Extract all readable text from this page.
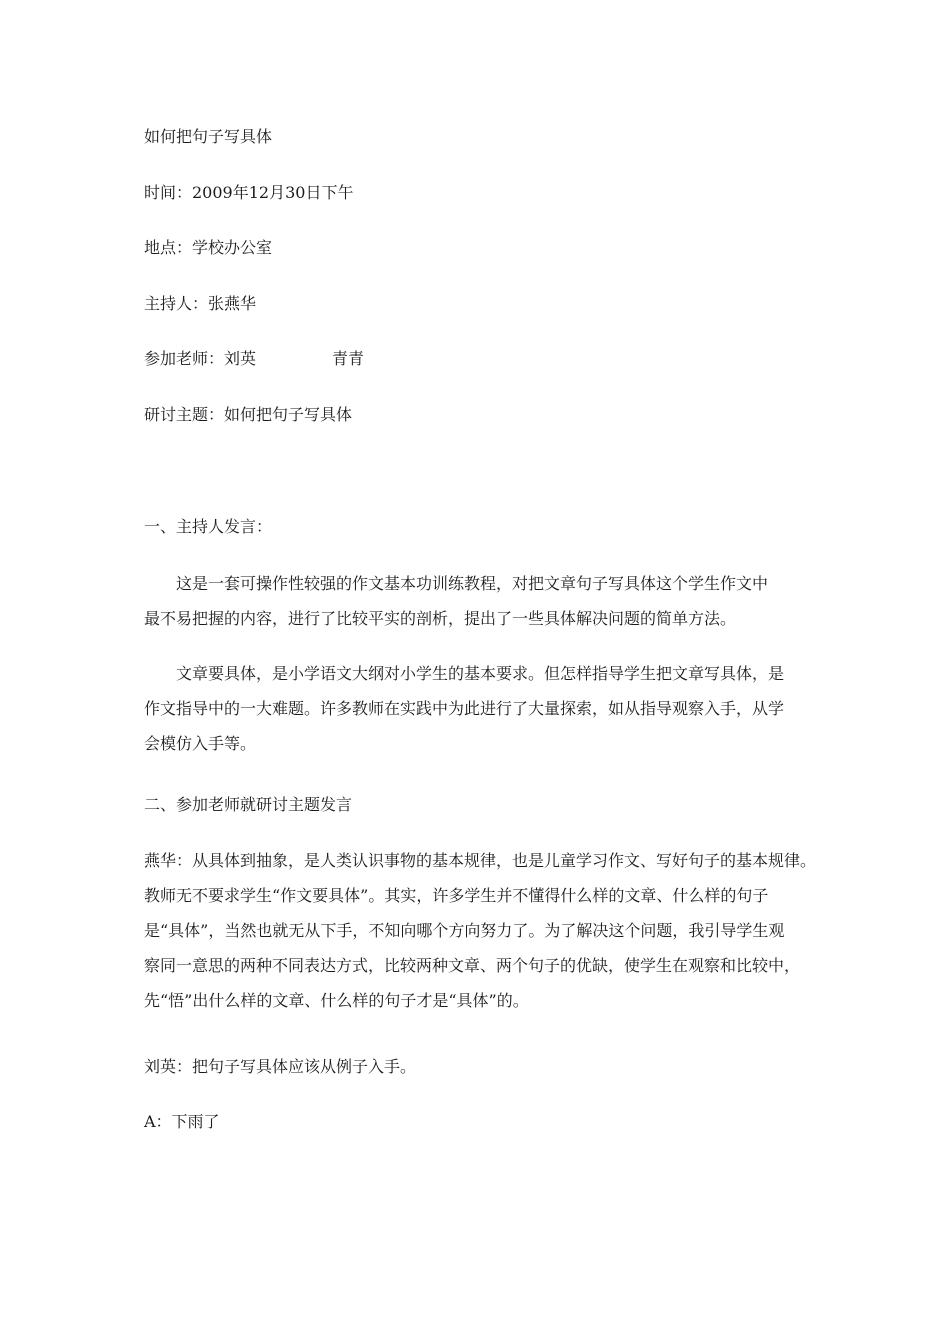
如何把句子写具体
时间：2009年12月30日下午
地点：学校办公室
主持人：张燕华
参加老师：刘英	青青
研讨主题：如何把句子写具体
一、主持人发言：
这是一套可操作性较强的作文基本功训练教程，对把文章句子写具体这个学生作文中
最不易把握的内容，进行了比较平实的剖析，提出了一些具体解决问题的简单方法。
文章要具体，是小学语文大纲对小学生的基本要求。但怎样指导学生把文章写具体，是
作文指导中的一大难题。许多教师在实践中为此进行了大量探索，如从指导观察入手，从学
会模仿入手等。
二、参加老师就研讨主题发言
燕华：从具体到抽象，是人类认识事物的基本规律，也是儿童学习作文、写好句子的基本规律。
教师无不要求学生“作文要具体”。其实，许多学生并不懂得什么样的文章、什么样的句子
是“具体”，当然也就无从下手，不知向哪个方向努力了。为了解决这个问题，我引导学生观
察同一意思的两种不同表达方式，比较两种文章、两个句子的优缺，使学生在观察和比较中，
先“悟”出什么样的文章、什么样的句子才是“具体”的。
刘英：把句子写具体应该从例子入手。
A：下雨了
